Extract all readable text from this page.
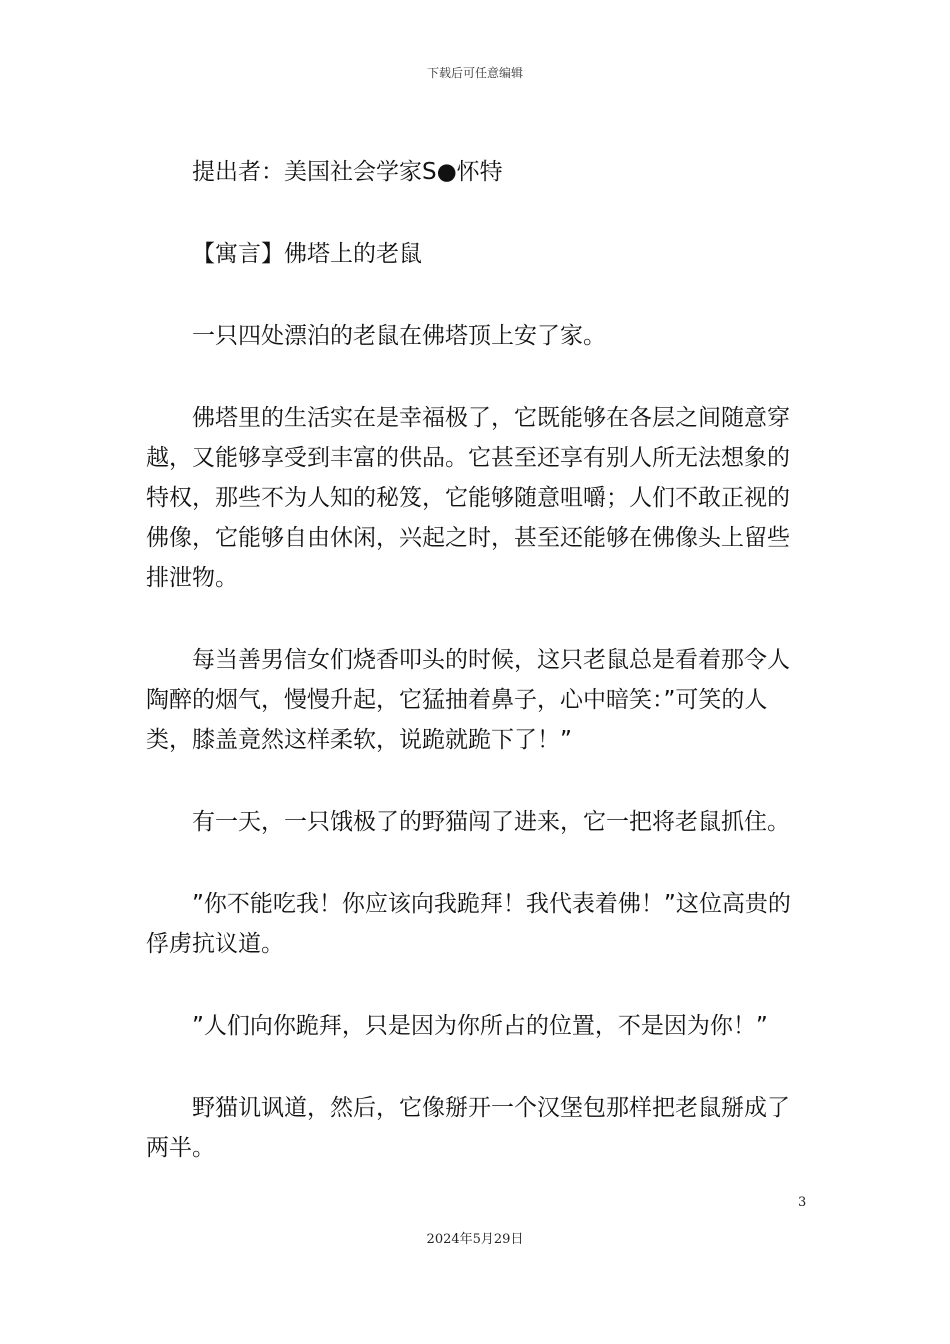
下载后可任意编辑

提出者：美国社会学家S●怀特

【寓言】佛塔上的老鼠

一只四处漂泊的老鼠在佛塔顶上安了家。

佛塔里的生活实在是幸福极了，它既能够在各层之间随意穿越，又能够享受到丰富的供品。它甚至还享有别人所无法想象的特权，那些不为人知的秘笈，它能够随意咀嚼；人们不敢正视的佛像，它能够自由休闲，兴起之时，甚至还能够在佛像头上留些排泄物。

每当善男信女们烧香叩头的时候，这只老鼠总是看着那令人陶醉的烟气，慢慢升起，它猛抽着鼻子，心中暗笑：”可笑的人类，膝盖竟然这样柔软，说跪就跪下了！”

有一天，一只饿极了的野猫闯了进来，它一把将老鼠抓住。

”你不能吃我！你应该向我跪拜！我代表着佛！”这位高贵的俘虏抗议道。

”人们向你跪拜，只是因为你所占的位置，不是因为你！”

野猫讥讽道，然后，它像掰开一个汉堡包那样把老鼠掰成了两半。

3
2024年5月29日
